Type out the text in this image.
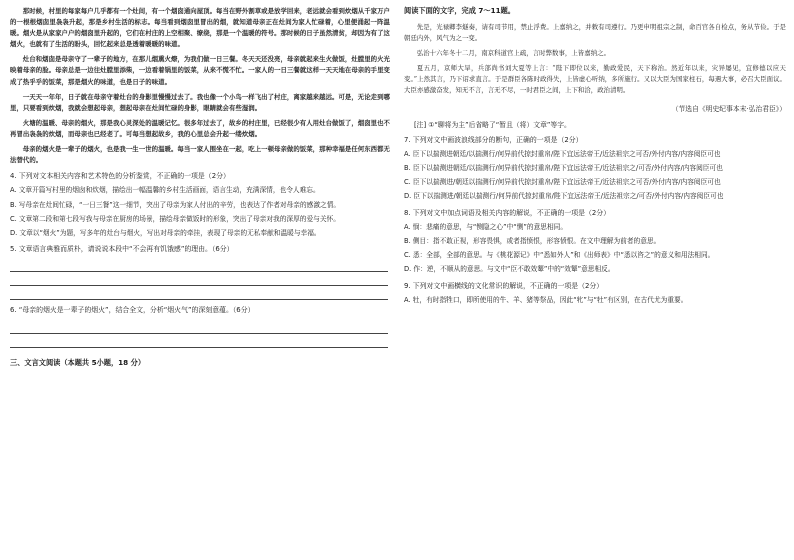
那时候，村里的每家每户几乎都有一个灶间，有一个烟囱通向屋顶。每当在野外割草或是放学回来，老远就会看到炊烟从千家万户的一根根烟囱里袅袅升起，那是乡村生活的标志。每当看到烟囱里冒出的烟，就知道母亲正在灶间为家人忙碌着，心里便涌起一阵温暖。烟火是从家家户户的烟囱里升起的，它们在村庄的上空相聚、缭绕，那是一个温暖的符号。那时候的日子虽然清贫，却因为有了这烟火，也就有了生活的盼头，回忆起来总是透着暖暖的味道。
灶台和烟囱是母亲守了一辈子的地方，在那儿烟熏火燎，为我们做一日三餐。冬天天还没亮，母亲就起来生火做饭，灶膛里的火光映着母亲的脸。母亲总是一边往灶膛里添柴，一边看着锅里的饭菜，从来不慌不忙。一家人的一日三餐就这样一天天地在母亲的手里变成了热乎乎的饭菜，那是烟火的味道，也是日子的味道。
一天天一年年，日子就在母亲守着灶台的身影里慢慢过去了。我也像一个小鸟一样飞出了村庄，离家越来越远。可是，无论走到哪里，只要看到炊烟，我就会想起母亲，想起母亲在灶间忙碌的身影，眼睛就会有些湿润。
火塘的温暖、母亲的烟火，那是我心灵深处的温暖记忆。很多年过去了，故乡的村庄里，已经很少有人用灶台做饭了，烟囱里也不再冒出袅袅的炊烟，而母亲也已经老了。可每当想起故乡，我的心里总会升起一缕炊烟。
母亲的烟火是一辈子的烟火，也是我一生一世的温暖。每当一家人围坐在一起，吃上一顿母亲做的饭菜，那种幸福是任何东西都无法替代的。
4. 下列对文本相关内容和艺术特色的分析鉴赏，不正确的一项是（2分）
A. 文章开篇写村里的烟囱和炊烟，描绘出一幅温馨的乡村生活画面，语言生动，充满深情，也令人难忘。
B. 写母亲在灶间忙碌，“一日三餐”这一细节，突出了母亲为家人付出的辛劳，也表达了作者对母亲的感激之情。
C. 文章第二段和第七段写我与母亲在厨房的场景，描绘母亲做饭时的形象，突出了母亲对我的深厚的爱与关怀。
D. 文章以“烟火”为题，写多年的灶台与烟火，写出对母亲的牵挂，表现了母亲的无私奉献和温暖与幸福。
5. 文章语言典雅而质朴，请说说本段中“不会再有饥饿感”的理由。（6分）
6. “母亲的烟火是一辈子的烟火”，结合全文，分析“烟火气”的深刻意蕴。（6分）
三、文言文阅读（本题共 5小题，18 分）
阅读下面的文字，完成 7～11题。
先是，光禄卿李燧奏，请有司节用，禁止浮费。上嘉纳之，并敕有司遵行。乃更申明祖宗之制，命百官各自检点，务从节俭。于是朝廷内外，风气为之一变。
弘治十六年冬十二月，南京科道官上疏，言时弊数事，上皆嘉纳之。
夏五月，京师大旱，兵部尚书刘大夏等上言：“陛下即位以来，勤政爱民，天下称治。然近年以来，灾异屡见，宜修德以应天变。”上然其言，乃下诏求直言。于是群臣各陈时政得失，上皆虚心听纳，多所施行。又以大臣为国家柱石，每遇大事，必召大臣面议。大臣亦感激奋发，知无不言，言无不尽，一时君臣之间，上下和洽，政治清明。
（节选自《明史纪事本末·弘治君臣》）
[注] ①“聊将为主”后省略了“暂且（将）文章”等字。
7. 下列对文中画波浪线部分的断句，正确的一项是（2分）
A. 臣下以揣测进朝廷/以揣测行/何异前代掠封重帛/陛下宜远法帝王/近法祖宗之可否/外付内容/内容阅臣可也
B. 臣下以揣测进朝廷/以揣测行/何异前代掠封重帛/陛下宜远法帝王/近法祖宗之/可否/外付内容/内容阅臣可也
C. 臣下以揣测进/朝廷以揣测行/何异前代掠封重帛/陛下宜远法帝王/近法祖宗之可否/外付内容/内容阅臣可也
D. 臣下以揣测进/朝廷以揣测行/何异前代掠封重帛/陛下宜远法帝王/近法祖宗之/可否/外付内容/内容阅臣可也
8. 下列对文中加点词语及相关内容的解说，不正确的一项是（2分）
A. 悯：悲痛的意思，与“恻隐之心”中“恻”的意思相同。
B. 侧目：指不敢正视，形容畏惧，或者指愤恨，形容愤恨。在文中理解为前者的意思。
C. 悉：全部，全部的意思。与《桃花源记》中“悉如外人”和《出师表》中“悉以咨之”的意义和用法相同。
D. 作：逆，不顺从的意思。与文中“臣不敢效颦”中的“效颦”意思相反。
9. 下列对文中画横线的文化常识的解说，不正确的一项是（2分）
A. 牡，有时指牲口，即所使用的牛、羊、猪等祭品，因此“牝”与“牡”有区别，在古代尤为重要。
